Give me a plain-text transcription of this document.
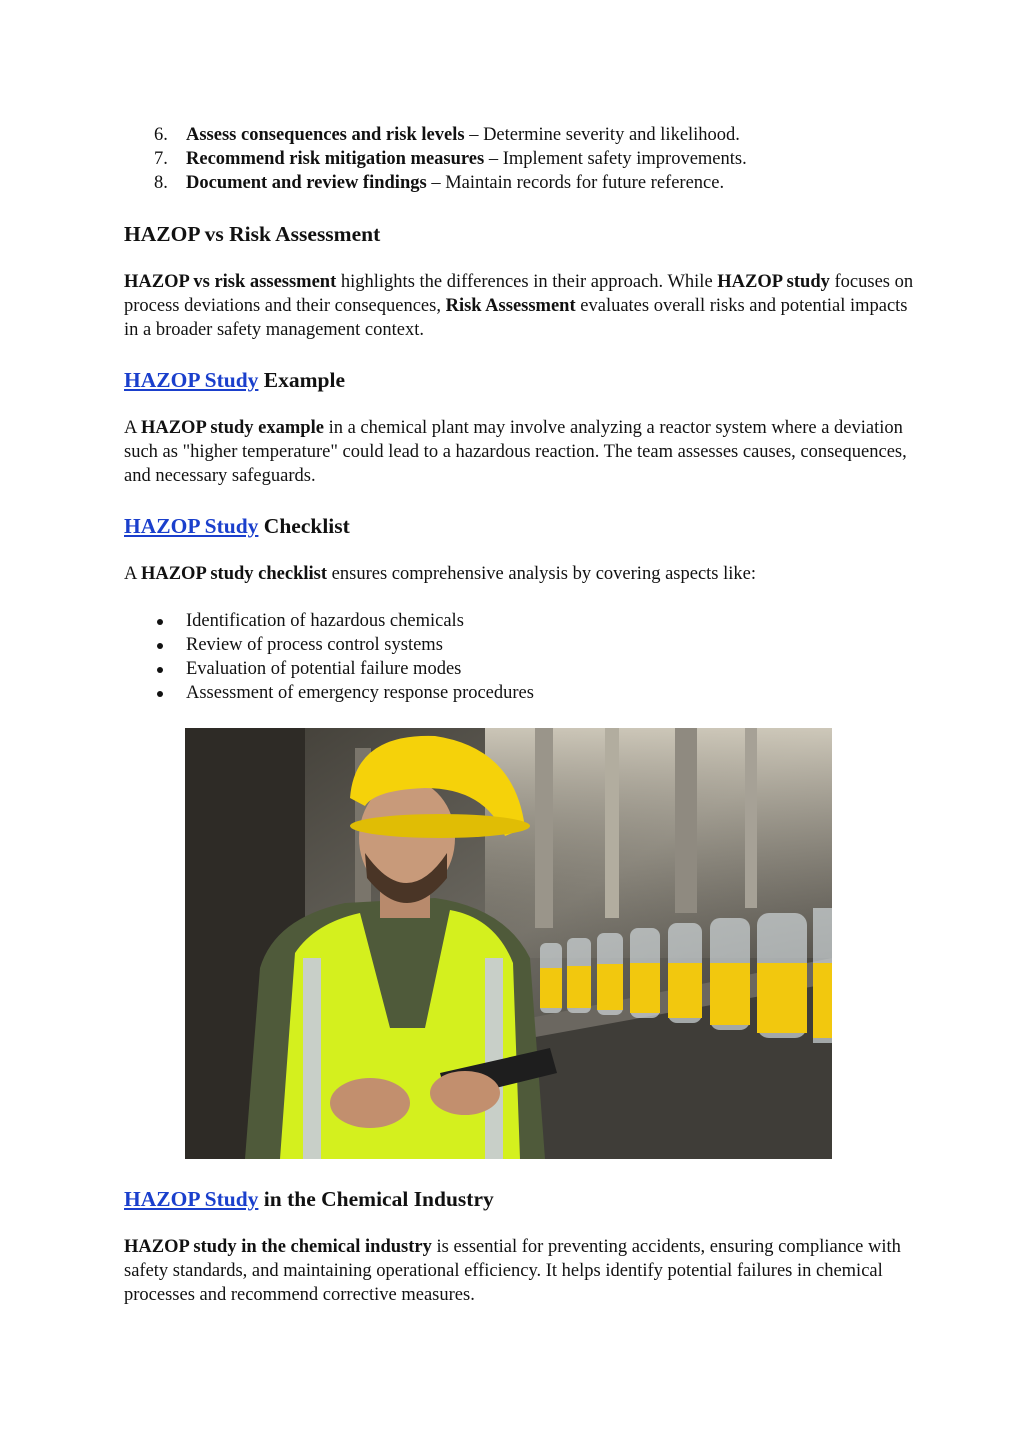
6. Assess consequences and risk levels – Determine severity and likelihood.
7. Recommend risk mitigation measures – Implement safety improvements.
8. Document and review findings – Maintain records for future reference.
HAZOP vs Risk Assessment

HAZOP vs risk assessment highlights the differences in their approach. While HAZOP study focuses on process deviations and their consequences, Risk Assessment evaluates overall risks and potential impacts in a broader safety management context.

HAZOP Study Example

A HAZOP study example in a chemical plant may involve analyzing a reactor system where a deviation such as "higher temperature" could lead to a hazardous reaction. The team assesses causes, consequences, and necessary safeguards.

HAZOP Study Checklist

A HAZOP study checklist ensures comprehensive analysis by covering aspects like:

Identification of hazardous chemicals
Review of process control systems
Evaluation of potential failure modes
Assessment of emergency response procedures
HAZOP Study in the Chemical Industry

HAZOP study in the chemical industry is essential for preventing accidents, ensuring compliance with safety standards, and maintaining operational efficiency. It helps identify potential failures in chemical processes and recommend corrective measures.
